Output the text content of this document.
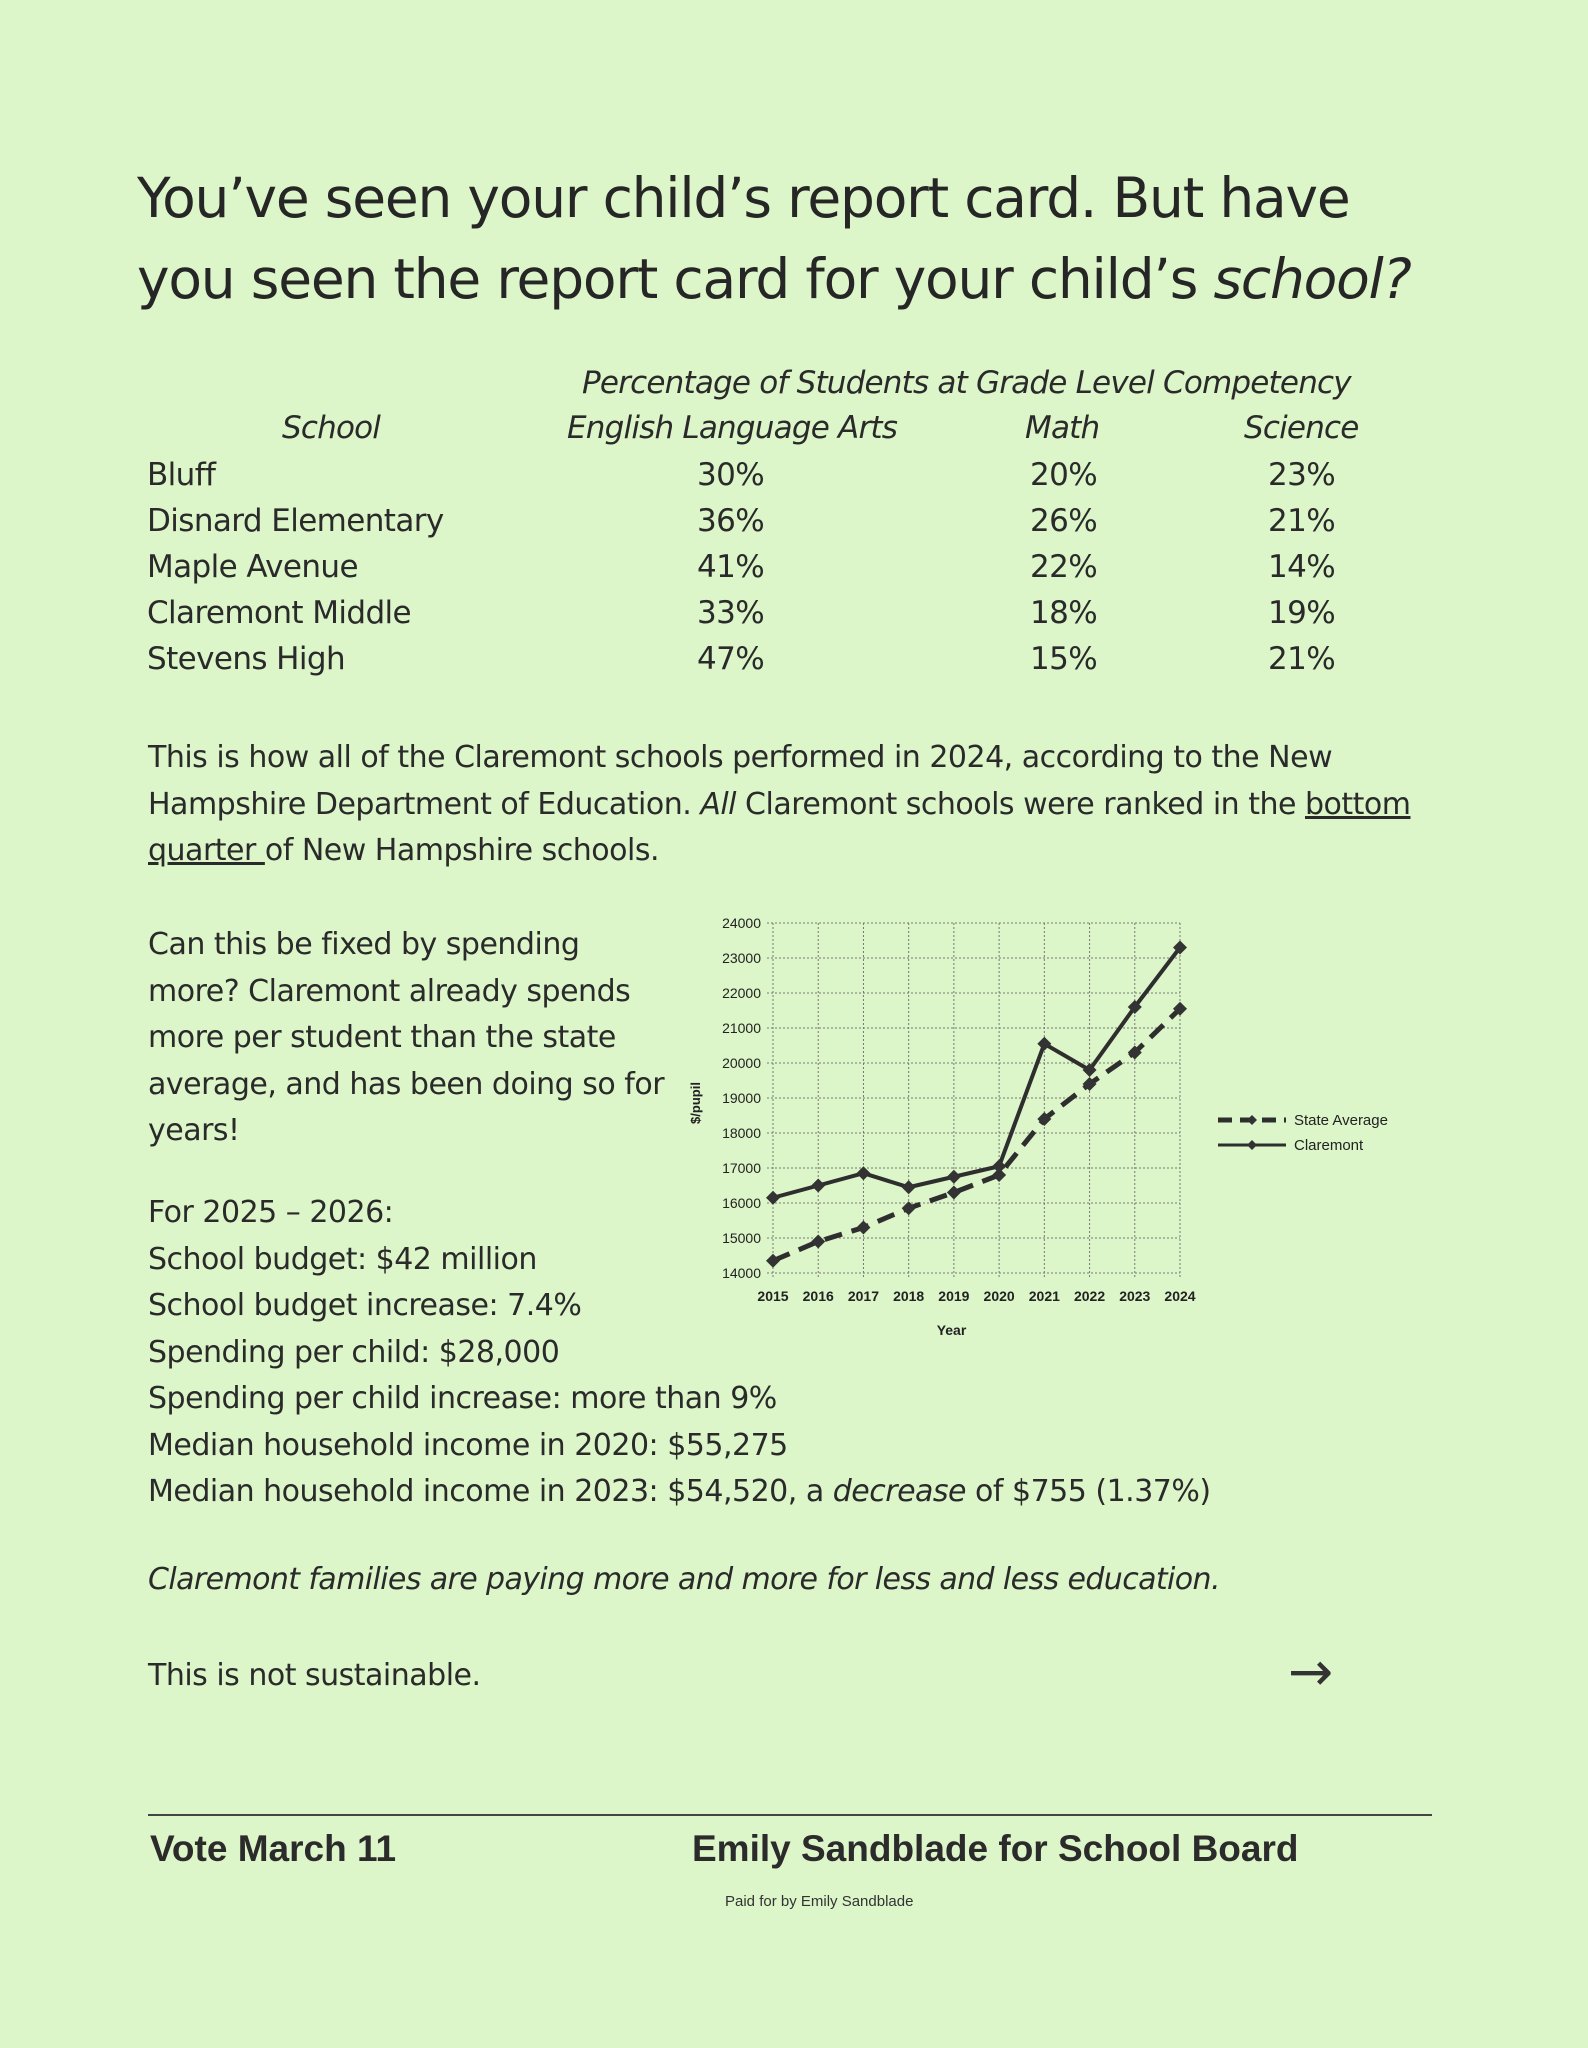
You’ve seen your child’s report card. But have
you seen the report card for your child’s school?
Percentage of Students at Grade Level Competency
School	English Language Arts	Math	Science
Bluff	30%	20%	23%
Disnard Elementary	36%	26%	21%
Maple Avenue	41%	22%	14%
Claremont Middle	33%	18%	19%
Stevens High	47%	15%	21%
This is how all of the Claremont schools performed in 2024, according to the New Hampshire Department of Education. All Claremont schools were ranked in the bottom quarter of New Hampshire schools.
Can this be fixed by spending more? Claremont already spends more per student than the state average, and has been doing so for years!
14000
15000
16000
17000
18000
19000
20000
21000
22000
23000
24000
2015 2016 2017 2018 2019 2020 2021 2022 2023 2024
Year
$/pupil	State Average
Claremont
For 2025 – 2026:
School budget: $42 million
School budget increase: 7.4%
Spending per child: $28,000
Spending per child increase: more than 9%
Median household income in 2020: $55,275
Median household income in 2023: $54,520, a decrease of $755 (1.37%)
Claremont families are paying more and more for less and less education.
This is not sustainable.	→
Vote March 11	Emily Sandblade for School Board
Paid for by Emily Sandblade
